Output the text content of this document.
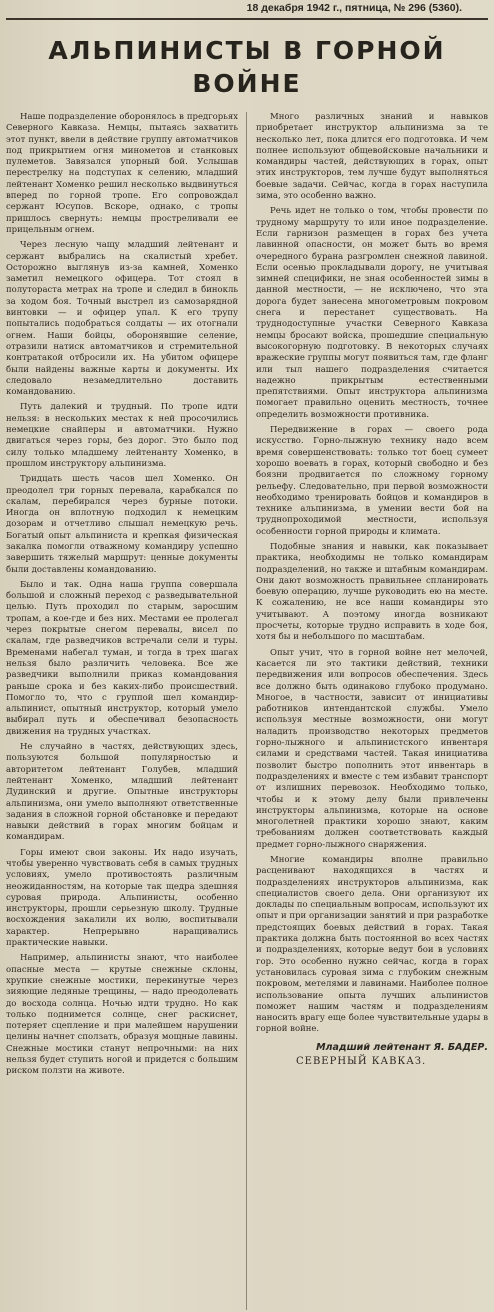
18 декабря 1942 г., пятница, № 296 (5360).
АЛЬПИНИСТЫ В ГОРНОЙ
ВОЙНЕ

Наше подразделение оборонялось в предгорьях Северного Кавказа. Немцы, пытаясь захватить этот пункт, ввели в действие группу автоматчиков под прикрытием огня минометов и станковых пулеметов. Завязался упорный бой. Услышав перестрелку на подступах к селению, младший лейтенант Хоменко решил несколько выдвинуться вперед по горной тропе. Его сопровождал сержант Юсупов. Вскоре, однако, с тропы пришлось свернуть: немцы простреливали ее прицельным огнем.

Через лесную чащу младший лейтенант и сержант выбрались на скалистый хребет. Осторожно выглянув из-за камней, Хоменко заметил немецкого офицера. Тот стоял в полутораста метрах на тропе и следил в бинокль за ходом боя. Точный выстрел из самозарядной винтовки — и офицер упал. К его трупу попытались подобраться солдаты — их отогнали огнем. Наши бойцы, оборонявшие селение, отразили натиск автоматчиков и стремительной контратакой отбросили их. На убитом офицере были найдены важные карты и документы. Их следовало незамедлительно доставить командованию.

Путь далекий и трудный. По тропе идти нельзя: в нескольких местах к ней просочились немецкие снайперы и автоматчики. Нужно двигаться через горы, без дорог. Это было под силу только младшему лейтенанту Хоменко, в прошлом инструктору альпинизма.

Тридцать шесть часов шел Хоменко. Он преодолел три горных перевала, карабкался по скалам, перебирался через бурные потоки. Иногда он вплотную подходил к немецким дозорам и отчетливо слышал немецкую речь. Богатый опыт альпиниста и крепкая физическая закалка помогли отважному командиру успешно завершить тяжелый маршрут: ценные документы были доставлены командованию.

Было и так. Одна наша группа совершала большой и сложный переход с разведывательной целью. Путь проходил по старым, заросшим тропам, а кое-где и без них. Местами ее пролегал через покрытые снегом перевалы, висел по скалам, где разведчиков встречали сели и туры. Временами набегал туман, и тогда в трех шагах нельзя было различить человека. Все же разведчики выполнили приказ командования раньше срока и без каких-либо происшествий. Помогло то, что с группой шел командир-альпинист, опытный инструктор, который умело выбирал путь и обеспечивал безопасность движения на трудных участках.

Не случайно в частях, действующих здесь, пользуются большой популярностью и авторитетом лейтенант Голубев, младший лейтенант Хоменко, младший лейтенант Дудинский и другие. Опытные инструкторы альпинизма, они умело выполняют ответственные задания в сложной горной обстановке и передают навыки действий в горах многим бойцам и командирам.

Горы имеют свои законы. Их надо изучать, чтобы уверенно чувствовать себя в самых трудных условиях, умело противостоять различным неожиданностям, на которые так щедра здешняя суровая природа. Альпинисты, особенно инструкторы, прошли серьезную школу. Трудные восхождения закалили их волю, воспитывали характер. Непрерывно наращивались практические навыки.

Например, альпинисты знают, что наиболее опасные места — крутые снежные склоны, хрупкие снежные мостики, перекинутые через зияющие ледяные трещины, — надо преодолевать до восхода солнца. Ночью идти трудно. Но как только поднимется солнце, снег раскиснет, потеряет сцепление и при малейшем нарушении целины начнет сползать, образуя мощные лавины. Снежные мостики станут непрочными: на них нельзя будет ступить ногой и придется с большим риском ползти на животе.

Много различных знаний и навыков приобретает инструктор альпинизма за те несколько лет, пока длится его подготовка. И чем полнее используют общевойсковые начальники и командиры частей, действующих в горах, опыт этих инструкторов, тем лучше будут выполняться боевые задачи. Сейчас, когда в горах наступила зима, это особенно важно.

Речь идет не только о том, чтобы провести по трудному маршруту то или иное подразделение. Если гарнизон размещен в горах без учета лавинной опасности, он может быть во время очередного бурана разгромлен снежной лавиной. Если осенью прокладывали дорогу, не учитывая зимней специфики, не зная особенностей зимы в данной местности, — не исключено, что эта дорога будет занесена многометровым покровом снега и перестанет существовать. На труднодоступные участки Северного Кавказа немцы бросают войска, прошедшие специальную высокогорную подготовку. В некоторых случаях вражеские группы могут появиться там, где фланг или тыл нашего подразделения считается надежно прикрытым естественными препятствиями. Опыт инструктора альпинизма помогает правильно оценить местность, точнее определить возможности противника.

Передвижение в горах — своего рода искусство. Горно-лыжную технику надо всем время совершенствовать: только тот боец сумеет хорошо воевать в горах, который свободно и без боязни продвигается по сложному горному рельефу. Следовательно, при первой возможности необходимо тренировать бойцов и командиров в технике альпинизма, в умении вести бой на труднопроходимой местности, используя особенности горной природы и климата.

Подобные знания и навыки, как показывает практика, необходимы не только командирам подразделений, но также и штабным командирам. Они дают возможность правильнее спланировать боевую операцию, лучше руководить ею на месте. К сожалению, не все наши командиры это учитывают. А поэтому иногда возникают просчеты, которые трудно исправить в ходе боя, хотя бы и небольшого по масштабам.

Опыт учит, что в горной войне нет мелочей, касается ли это тактики действий, техники передвижения или вопросов обеспечения. Здесь все должно быть одинаково глубоко продумано. Многое, в частности, зависит от инициативы работников интендантской службы. Умело используя местные возможности, они могут наладить производство некоторых предметов горно-лыжного и альпинистского инвентаря силами и средствами частей. Такая инициатива позволит быстро пополнить этот инвентарь в подразделениях и вместе с тем избавит транспорт от излишних перевозок. Необходимо только, чтобы и к этому делу были привлечены инструкторы альпинизма, которые на основе многолетней практики хорошо знают, каким требованиям должен соответствовать каждый предмет горно-лыжного снаряжения.

Многие командиры вполне правильно расценивают находящихся в частях и подразделениях инструкторов альпинизма, как специалистов своего дела. Они организуют их доклады по специальным вопросам, используют их опыт и при организации занятий и при разработке предстоящих боевых действий в горах. Такая практика должна быть постоянной во всех частях и подразделениях, которые ведут бои в условиях гор. Это особенно нужно сейчас, когда в горах установилась суровая зима с глубоким снежным покровом, метелями и лавинами. Наиболее полное использование опыта лучших альпинистов поможет нашим частям и подразделениям наносить врагу еще более чувствительные удары в горной войне.

Младший лейтенант Я. БАДЕР.
СЕВЕРНЫЙ КАВКАЗ.
